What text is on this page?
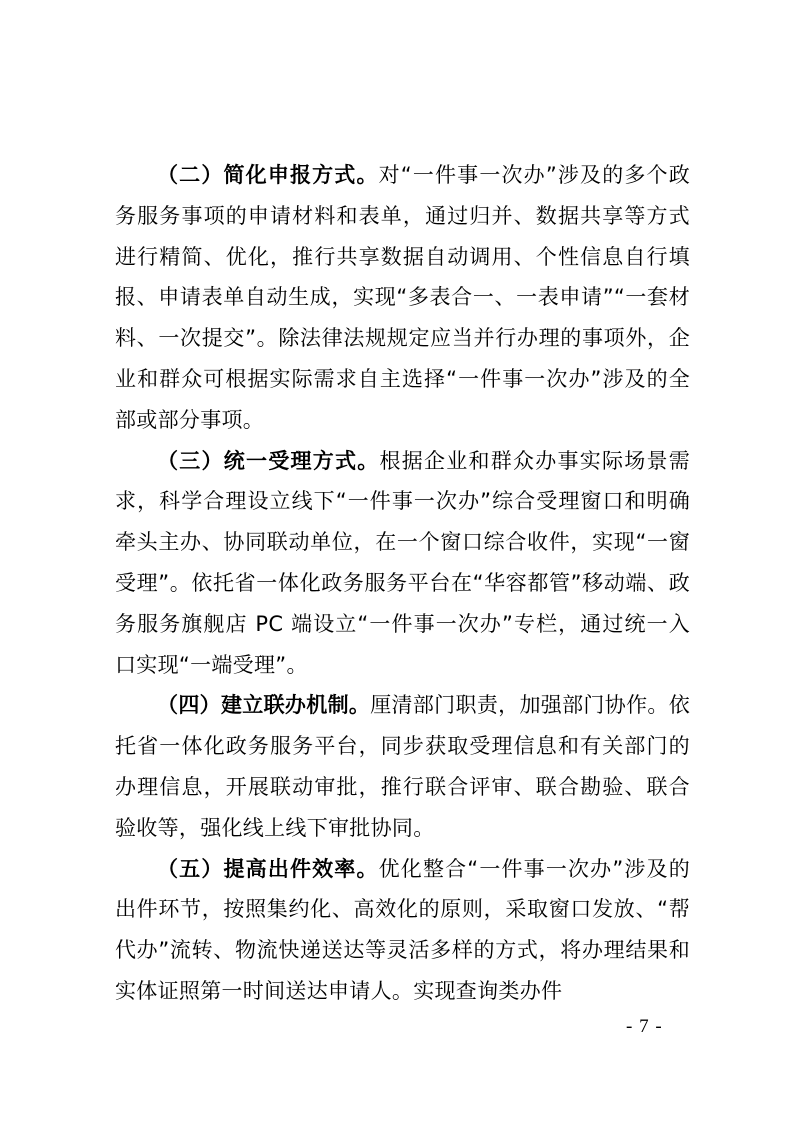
（二）简化申报方式。对“一件事一次办”涉及的多个政务服务事项的申请材料和表单，通过归并、数据共享等方式进行精简、优化，推行共享数据自动调用、个性信息自行填报、申请表单自动生成，实现“多表合一、一表申请”“一套材料、一次提交”。除法律法规规定应当并行办理的事项外，企业和群众可根据实际需求自主选择“一件事一次办”涉及的全部或部分事项。

（三）统一受理方式。根据企业和群众办事实际场景需求，科学合理设立线下“一件事一次办”综合受理窗口和明确牵头主办、协同联动单位，在一个窗口综合收件，实现“一窗受理”。依托省一体化政务服务平台在“华容都管”移动端、政务服务旗舰店 PC 端设立“一件事一次办”专栏，通过统一入口实现“一端受理”。

（四）建立联办机制。厘清部门职责，加强部门协作。依托省一体化政务服务平台，同步获取受理信息和有关部门的办理信息，开展联动审批，推行联合评审、联合勘验、联合验收等，强化线上线下审批协同。

（五）提高出件效率。优化整合“一件事一次办”涉及的出件环节，按照集约化、高效化的原则，采取窗口发放、“帮代办”流转、物流快递送达等灵活多样的方式，将办理结果和实体证照第一时间送达申请人。实现查询类办件

- 7 -
